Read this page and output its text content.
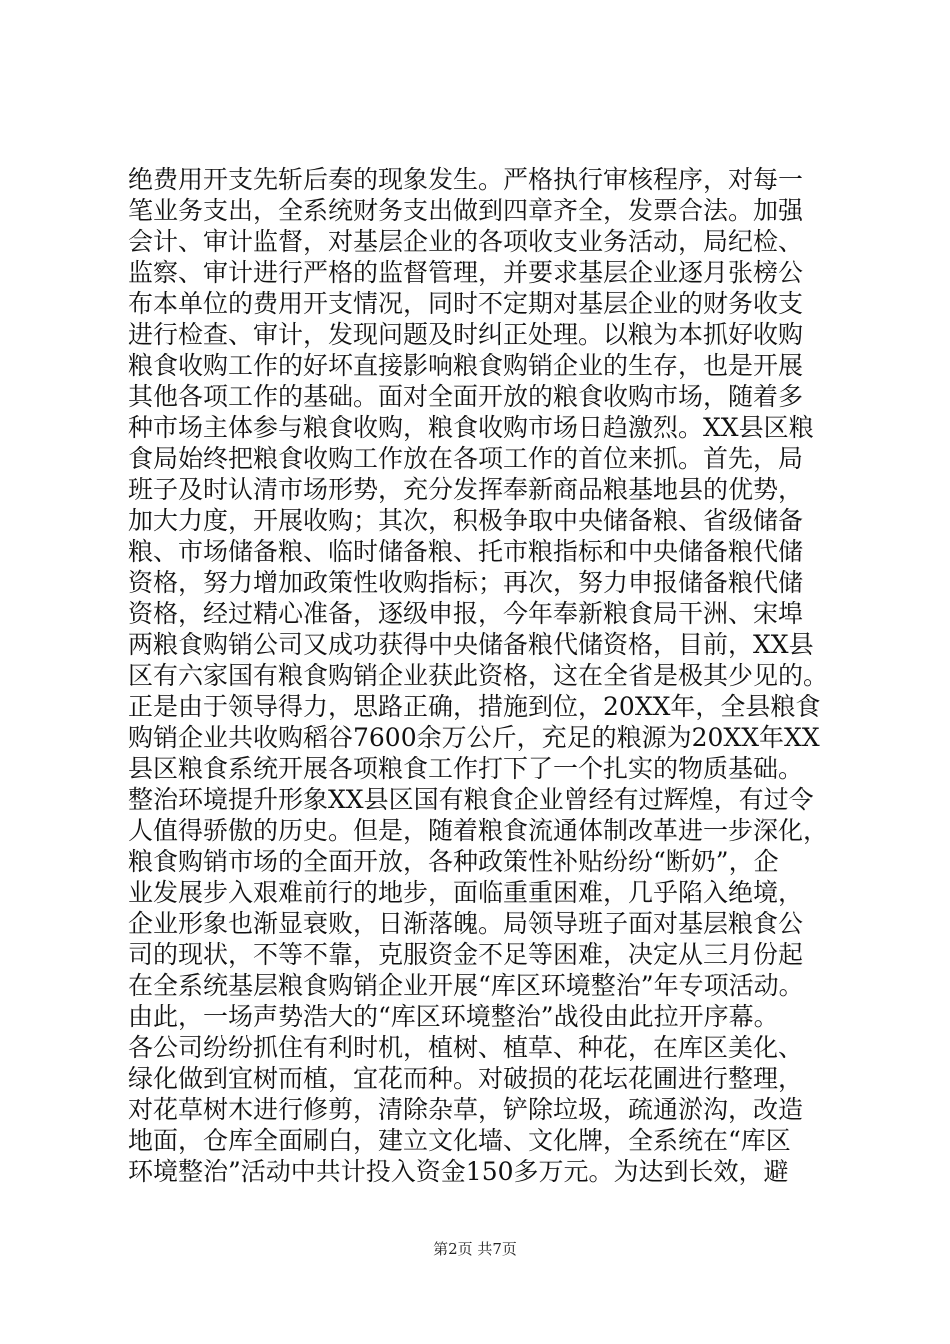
绝费用开支先斩后奏的现象发生。严格执行审核程序，对每一
笔业务支出，全系统财务支出做到四章齐全，发票合法。加强
会计、审计监督，对基层企业的各项收支业务活动，局纪检、
监察、审计进行严格的监督管理，并要求基层企业逐月张榜公
布本单位的费用开支情况，同时不定期对基层企业的财务收支
进行检查、审计，发现问题及时纠正处理。以粮为本抓好收购
粮食收购工作的好坏直接影响粮食购销企业的生存，也是开展
其他各项工作的基础。面对全面开放的粮食收购市场，随着多
种市场主体参与粮食收购，粮食收购市场日趋激烈。XX县区粮
食局始终把粮食收购工作放在各项工作的首位来抓。首先，局
班子及时认清市场形势，充分发挥奉新商品粮基地县的优势，
加大力度，开展收购；其次，积极争取中央储备粮、省级储备
粮、市场储备粮、临时储备粮、托市粮指标和中央储备粮代储
资格，努力增加政策性收购指标；再次，努力申报储备粮代储
资格，经过精心准备，逐级申报，今年奉新粮食局干洲、宋埠
两粮食购销公司又成功获得中央储备粮代储资格，目前，XX县
区有六家国有粮食购销企业获此资格，这在全省是极其少见的。
正是由于领导得力，思路正确，措施到位，20XX年，全县粮食
购销企业共收购稻谷7600余万公斤，充足的粮源为20XX年XX
县区粮食系统开展各项粮食工作打下了一个扎实的物质基础。
整治环境提升形象XX县区国有粮食企业曾经有过辉煌，有过令
人值得骄傲的历史。但是，随着粮食流通体制改革进一步深化，
粮食购销市场的全面开放，各种政策性补贴纷纷“断奶”，企
业发展步入艰难前行的地步，面临重重困难，几乎陷入绝境，
企业形象也渐显衰败，日渐落魄。局领导班子面对基层粮食公
司的现状，不等不靠，克服资金不足等困难，决定从三月份起
在全系统基层粮食购销企业开展“库区环境整治”年专项活动。
由此，一场声势浩大的“库区环境整治”战役由此拉开序幕。
各公司纷纷抓住有利时机，植树、植草、种花，在库区美化、
绿化做到宜树而植，宜花而种。对破损的花坛花圃进行整理，
对花草树木进行修剪，清除杂草，铲除垃圾，疏通淤沟，改造
地面，仓库全面刷白，建立文化墙、文化牌，全系统在“库区
环境整治”活动中共计投入资金150多万元。为达到长效，避
第2页 共7页
